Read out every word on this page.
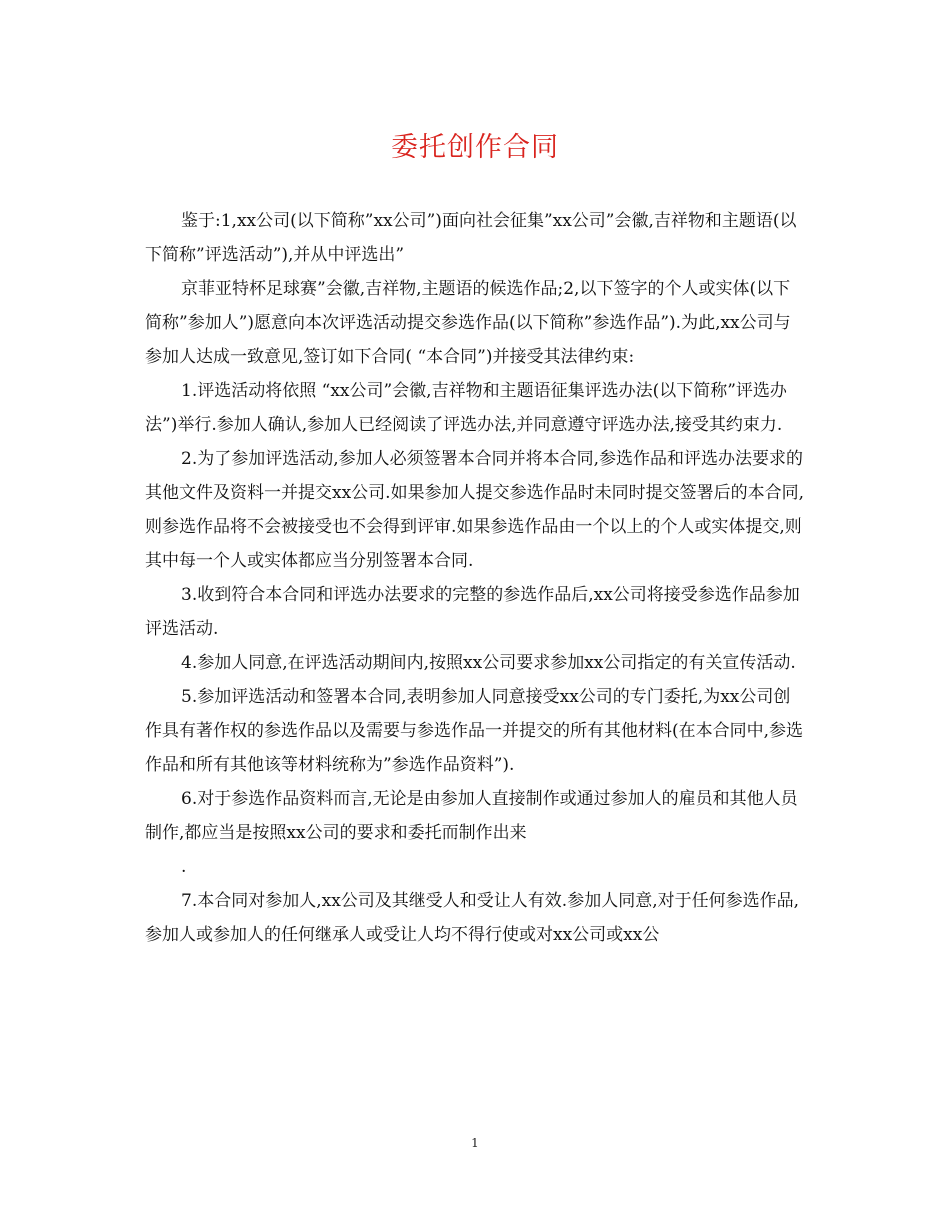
委托创作合同

鉴于:1,xx公司(以下简称”xx公司”)面向社会征集”xx公司”会徽,吉祥物和主题语(以下简称”评选活动”),并从中评选出”

京菲亚特杯足球赛”会徽,吉祥物,主题语的候选作品;2,以下签字的个人或实体(以下简称”参加人”)愿意向本次评选活动提交参选作品(以下简称”参选作品”).为此,xx公司与参加人达成一致意见,签订如下合同( “本合同”)并接受其法律约束:

1.评选活动将依照 “xx公司”会徽,吉祥物和主题语征集评选办法(以下简称”评选办法”)举行.参加人确认,参加人已经阅读了评选办法,并同意遵守评选办法,接受其约束力.

2.为了参加评选活动,参加人必须签署本合同并将本合同,参选作品和评选办法要求的其他文件及资料一并提交xx公司.如果参加人提交参选作品时未同时提交签署后的本合同,则参选作品将不会被接受也不会得到评审.如果参选作品由一个以上的个人或实体提交,则其中每一个人或实体都应当分别签署本合同.

3.收到符合本合同和评选办法要求的完整的参选作品后,xx公司将接受参选作品参加评选活动.

4.参加人同意,在评选活动期间内,按照xx公司要求参加xx公司指定的有关宣传活动.

5.参加评选活动和签署本合同,表明参加人同意接受xx公司的专门委托,为xx公司创作具有著作权的参选作品以及需要与参选作品一并提交的所有其他材料(在本合同中,参选作品和所有其他该等材料统称为”参选作品资料”).

6.对于参选作品资料而言,无论是由参加人直接制作或通过参加人的雇员和其他人员制作,都应当是按照xx公司的要求和委托而制作出来

.

7.本合同对参加人,xx公司及其继受人和受让人有效.参加人同意,对于任何参选作品,参加人或参加人的任何继承人或受让人均不得行使或对xx公司或xx公

1
